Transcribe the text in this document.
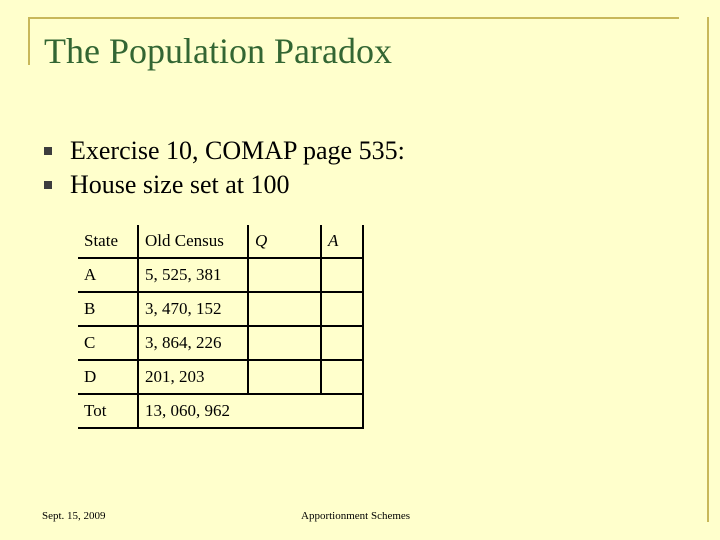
The Population Paradox
Exercise 10, COMAP page 535:
House size set at 100
State	Old Census	Q	A
A	5, 525, 381		
B	3, 470, 152		
C	3, 864, 226		
D	201, 203		
Tot	13, 060, 962		
Sept. 15, 2009	Apportionment Schemes
